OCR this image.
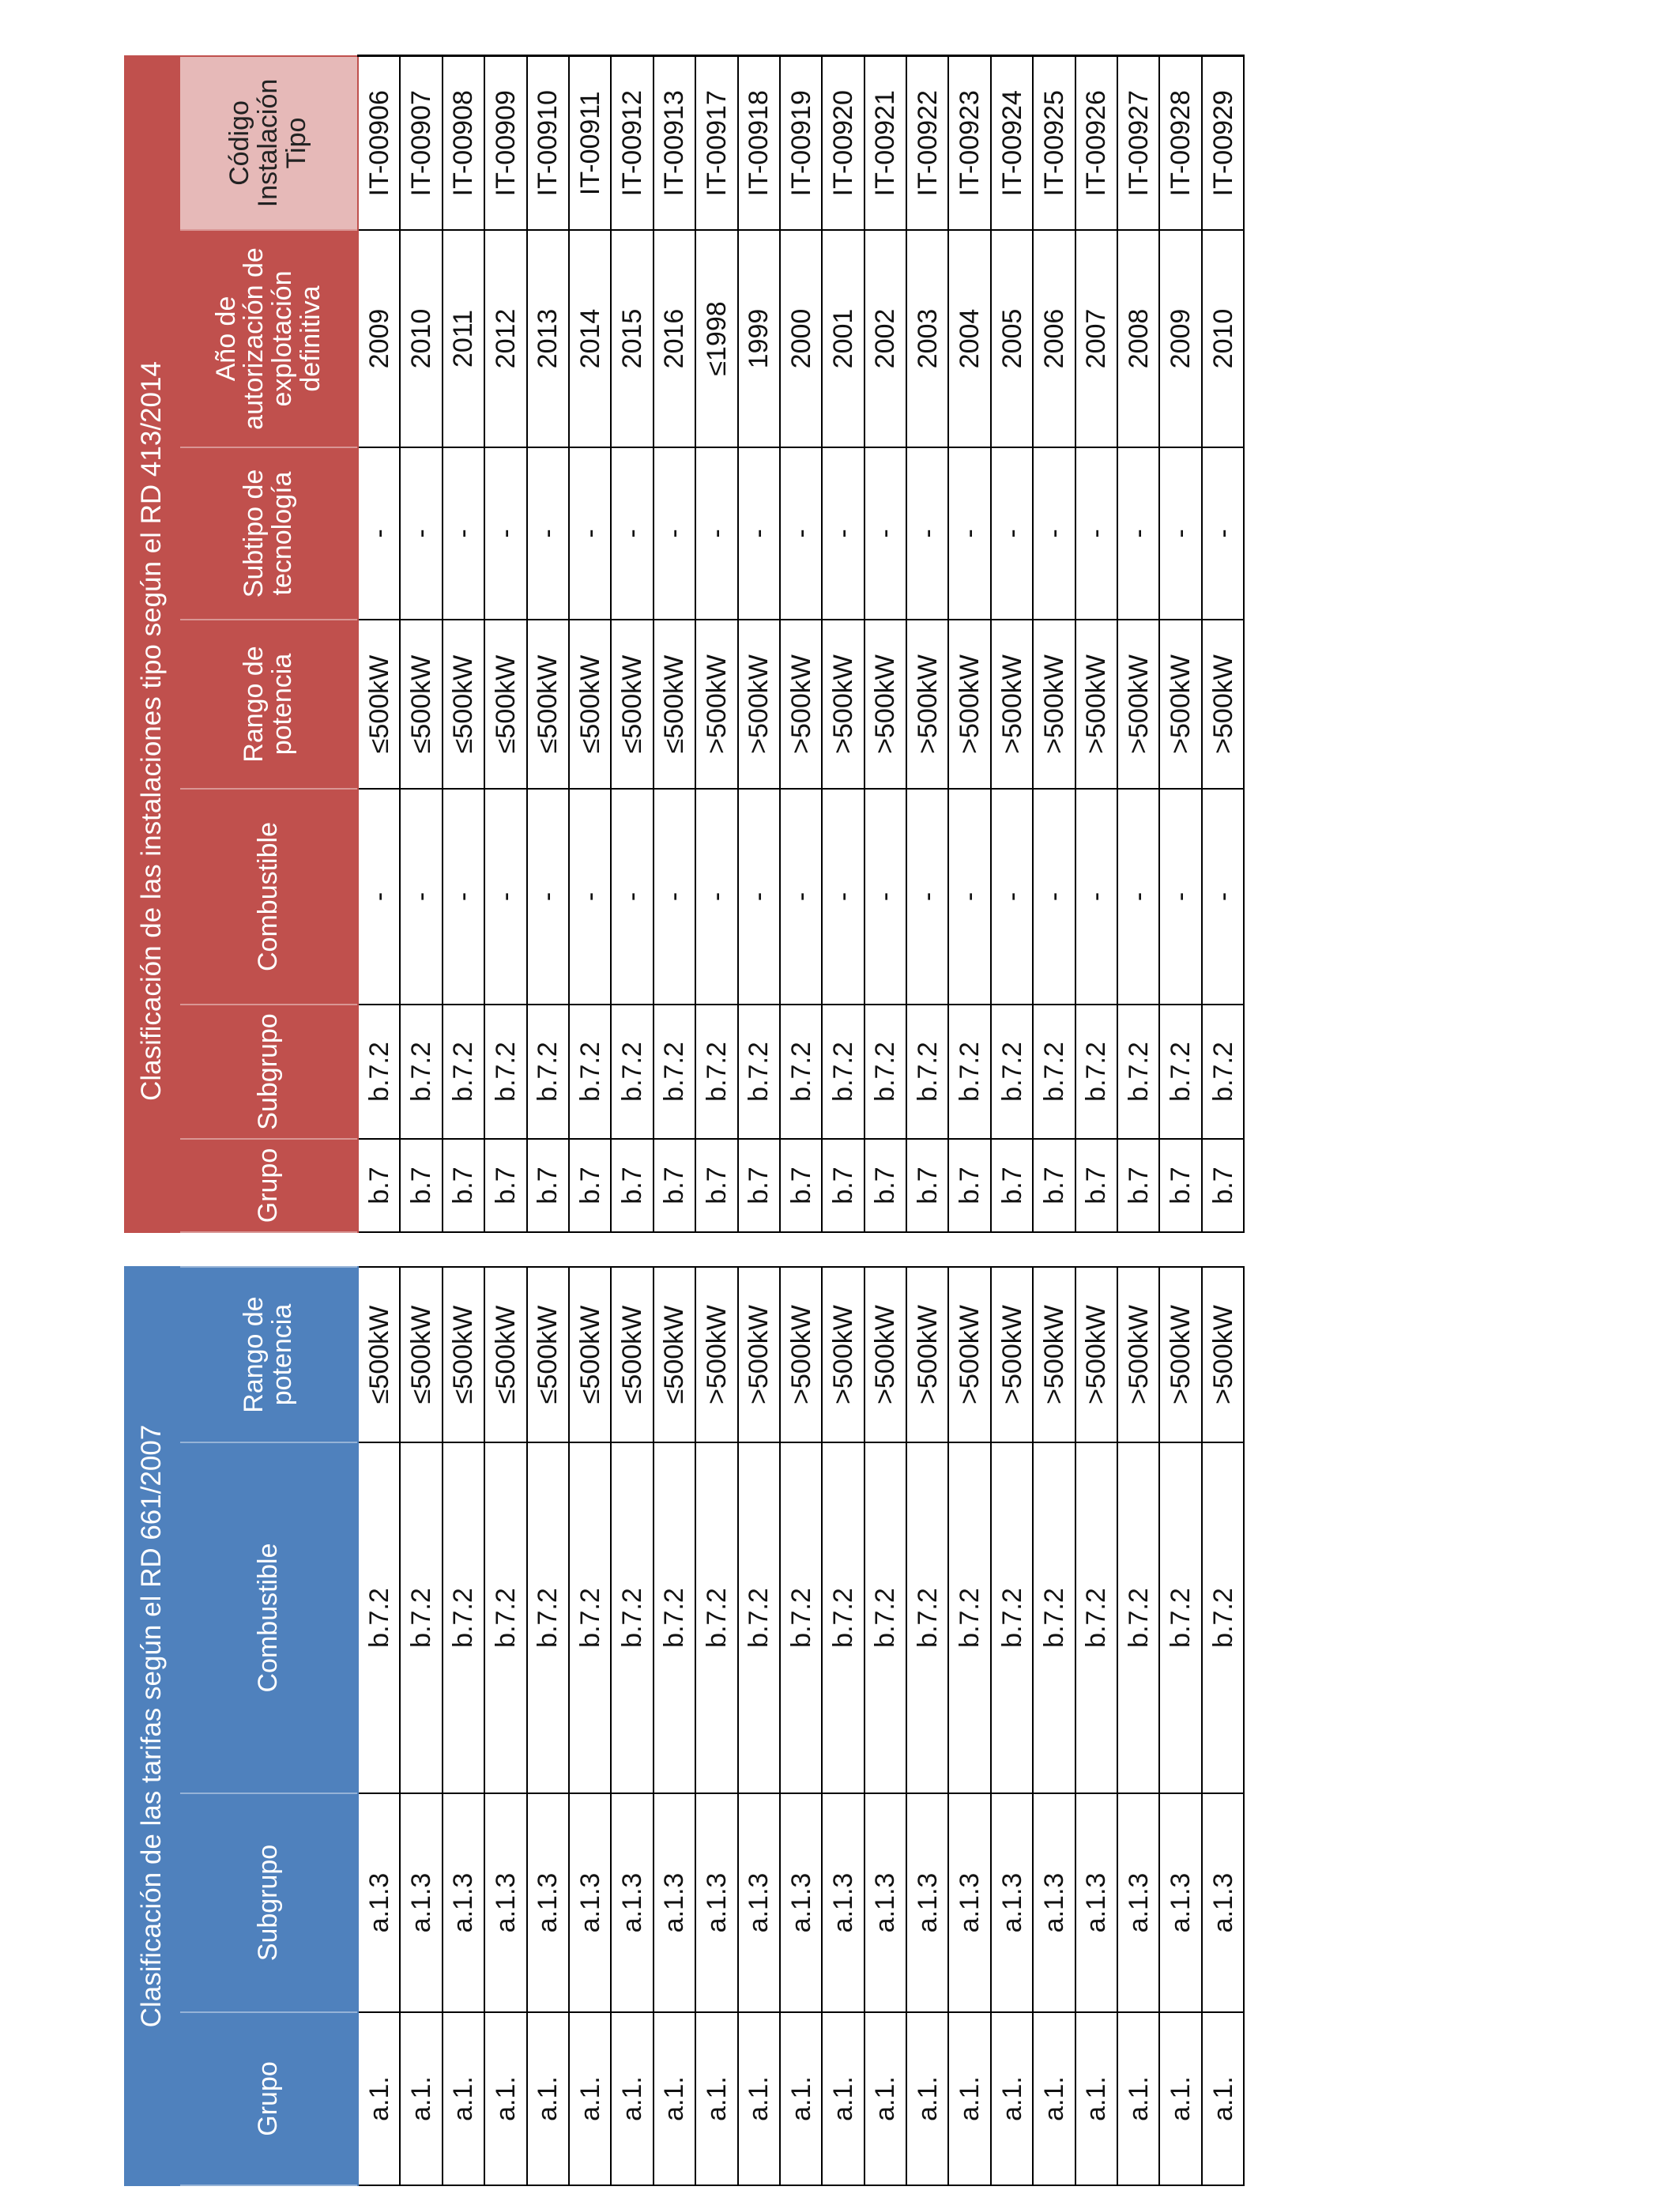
Clasificación de las tarifas según el RD 661/2007			
Grupo	Subgrupo	Combustible	Rango de potencia
a.1.	a.1.3	b.7.2	≤500kW
a.1.	a.1.3	b.7.2	≤500kW
a.1.	a.1.3	b.7.2	≤500kW
a.1.	a.1.3	b.7.2	≤500kW
a.1.	a.1.3	b.7.2	≤500kW
a.1.	a.1.3	b.7.2	≤500kW
a.1.	a.1.3	b.7.2	≤500kW
a.1.	a.1.3	b.7.2	≤500kW
a.1.	a.1.3	b.7.2	>500kW
a.1.	a.1.3	b.7.2	>500kW
a.1.	a.1.3	b.7.2	>500kW
a.1.	a.1.3	b.7.2	>500kW
a.1.	a.1.3	b.7.2	>500kW
a.1.	a.1.3	b.7.2	>500kW
a.1.	a.1.3	b.7.2	>500kW
a.1.	a.1.3	b.7.2	>500kW
a.1.	a.1.3	b.7.2	>500kW
a.1.	a.1.3	b.7.2	>500kW
a.1.	a.1.3	b.7.2	>500kW
a.1.	a.1.3	b.7.2	>500kW
a.1.	a.1.3	b.7.2	>500kW
Clasificación de las instalaciones tipo según el RD 413/2014						
Grupo	Subgrupo	Combustible	Rango de potencia	Subtipo de tecnología	Año de autorización de explotación definitiva	Código Instalación Tipo
b.7	b.7.2	-	≤500kW	-	2009	IT-00906
b.7	b.7.2	-	≤500kW	-	2010	IT-00907
b.7	b.7.2	-	≤500kW	-	2011	IT-00908
b.7	b.7.2	-	≤500kW	-	2012	IT-00909
b.7	b.7.2	-	≤500kW	-	2013	IT-00910
b.7	b.7.2	-	≤500kW	-	2014	IT-00911
b.7	b.7.2	-	≤500kW	-	2015	IT-00912
b.7	b.7.2	-	≤500kW	-	2016	IT-00913
b.7	b.7.2	-	>500kW	-	≤1998	IT-00917
b.7	b.7.2	-	>500kW	-	1999	IT-00918
b.7	b.7.2	-	>500kW	-	2000	IT-00919
b.7	b.7.2	-	>500kW	-	2001	IT-00920
b.7	b.7.2	-	>500kW	-	2002	IT-00921
b.7	b.7.2	-	>500kW	-	2003	IT-00922
b.7	b.7.2	-	>500kW	-	2004	IT-00923
b.7	b.7.2	-	>500kW	-	2005	IT-00924
b.7	b.7.2	-	>500kW	-	2006	IT-00925
b.7	b.7.2	-	>500kW	-	2007	IT-00926
b.7	b.7.2	-	>500kW	-	2008	IT-00927
b.7	b.7.2	-	>500kW	-	2009	IT-00928
b.7	b.7.2	-	>500kW	-	2010	IT-00929
